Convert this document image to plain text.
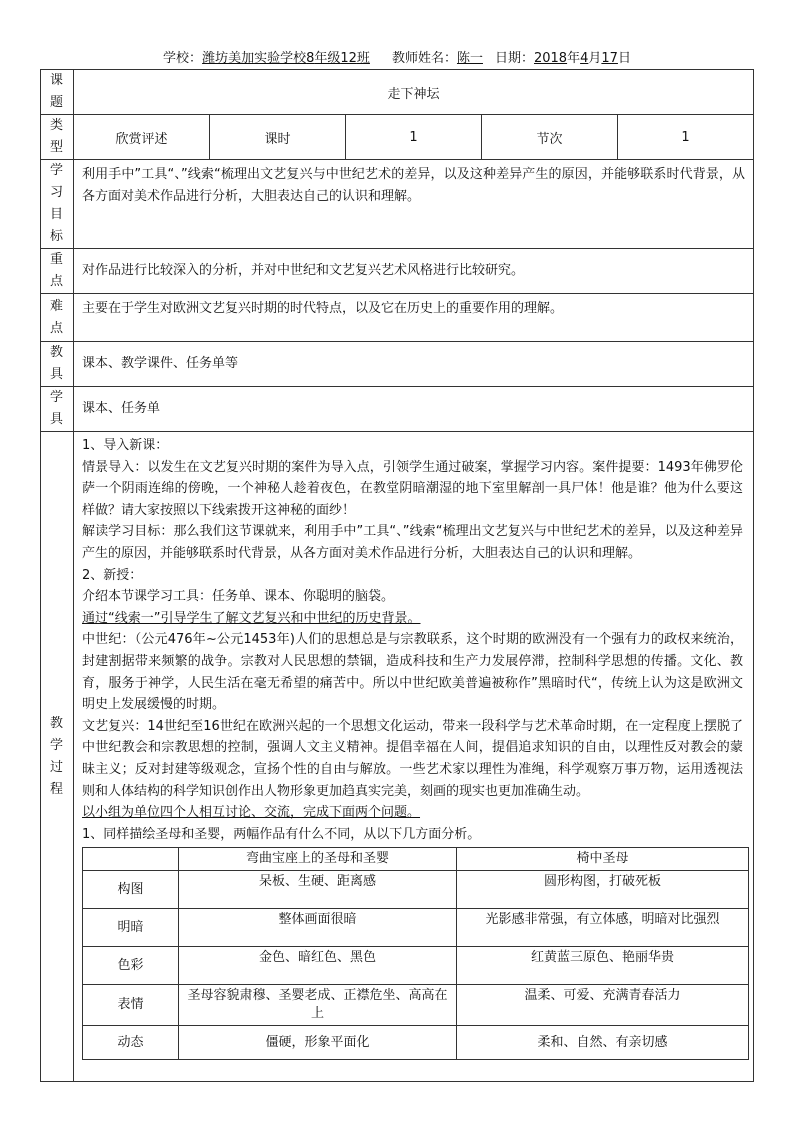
学校：潍坊美加实验学校8年级12班 教师姓名：陈一 日期：2018年4月17日
课
题
	走下神坛

类
型
	欣赏评述	课时	1	节次	1

学
习
目
标
	利用手中”工具“、”线索“梳理出文艺复兴与中世纪艺术的差异，以及这种差异产生的原因，并能够联系时代背景，从各方面对美术作品进行分析，大胆表达自己的认识和理解。

重
点
	对作品进行比较深入的分析，并对中世纪和文艺复兴艺术风格进行比较研究。

难
点
	主要在于学生对欧洲文艺复兴时期的时代特点，以及它在历史上的重要作用的理解。

教
具
	课本、教学课件、任务单等

学
具
	课本、任务单

教
学
过
程

1、导入新课：

情景导入：以发生在文艺复兴时期的案件为导入点，引领学生通过破案，掌握学习内容。案件提要：1493年佛罗伦萨一个阴雨连绵的傍晚，一个神秘人趁着夜色，在教堂阴暗潮湿的地下室里解剖一具尸体！他是谁？他为什么要这样做？请大家按照以下线索拨开这神秘的面纱！

解读学习目标：那么我们这节课就来，利用手中”工具“、”线索“梳理出文艺复兴与中世纪艺术的差异，以及这种差异产生的原因，并能够联系时代背景，从各方面对美术作品进行分析，大胆表达自己的认识和理解。

2、新授：

介绍本节课学习工具：任务单、课本、你聪明的脑袋。

通过“线索一”引导学生了解文艺复兴和中世纪的历史背景。

中世纪：（公元476年~公元1453年)人们的思想总是与宗教联系，这个时期的欧洲没有一个强有力的政权来统治，封建割据带来频繁的战争。宗教对人民思想的禁锢，造成科技和生产力发展停滞，控制科学思想的传播。文化、教育，服务于神学，人民生活在毫无希望的痛苦中。所以中世纪欧美普遍被称作”黑暗时代“，传统上认为这是欧洲文明史上发展缓慢的时期。

文艺复兴：14世纪至16世纪在欧洲兴起的一个思想文化运动，带来一段科学与艺术革命时期，在一定程度上摆脱了中世纪教会和宗教思想的控制，强调人文主义精神。提倡幸福在人间，提倡追求知识的自由，以理性反对教会的蒙昧主义；反对封建等级观念，宣扬个性的自由与解放。一些艺术家以理性为准绳，科学观察万事万物，运用透视法则和人体结构的科学知识创作出人物形象更加趋真实完美，刻画的现实也更加准确生动。

以小组为单位四个人相互讨论、交流，完成下面两个问题。

1、同样描绘圣母和圣婴，两幅作品有什么不同，从以下几方面分析。

	弯曲宝座上的圣母和圣婴	椅中圣母
构图	呆板、生硬、距离感	圆形构图，打破死板
明暗	整体画面很暗	光影感非常强，有立体感，明暗对比强烈
色彩	金色、暗红色、黑色	红黄蓝三原色、艳丽华贵
表情	圣母容貌肃穆、圣婴老成、正襟危坐、高高在上	温柔、可爱、充满青春活力
动态	僵硬，形象平面化	柔和、自然、有亲切感
